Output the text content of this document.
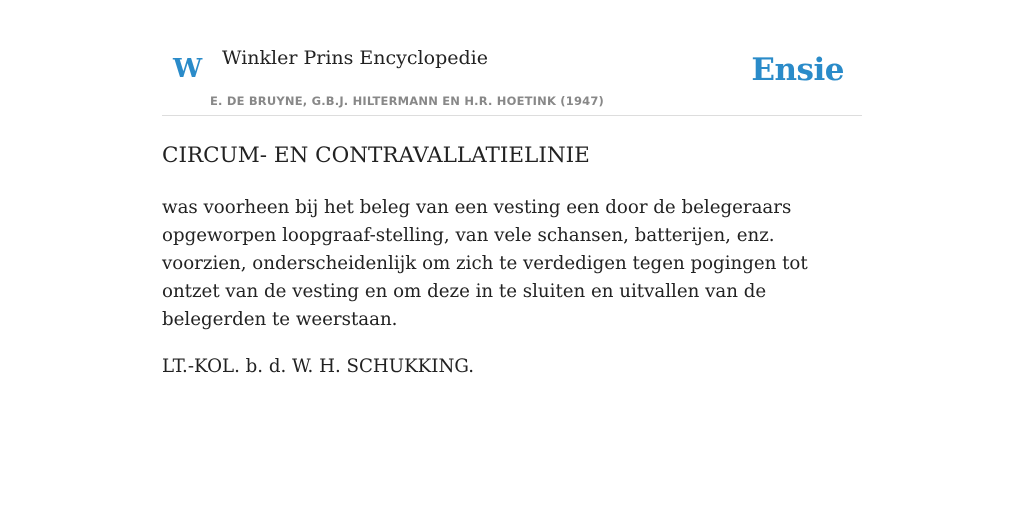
W Winkler Prins Encyclopedie
E. DE BRUYNE, G.B.J. HILTERMANN EN H.R. HOETINK (1947)
Ensie
CIRCUM- EN CONTRAVALLATIELINIE

was voorheen bij het beleg van een vesting een door de belegeraars opgeworpen loopgraaf-stelling, van vele schansen, batterijen, enz. voorzien, onderscheidenlijk om zich te verdedigen tegen pogingen tot ontzet van de vesting en om deze in te sluiten en uitvallen van de belegerden te weerstaan.

LT.-KOL. b. d. W. H. SCHUKKING.
